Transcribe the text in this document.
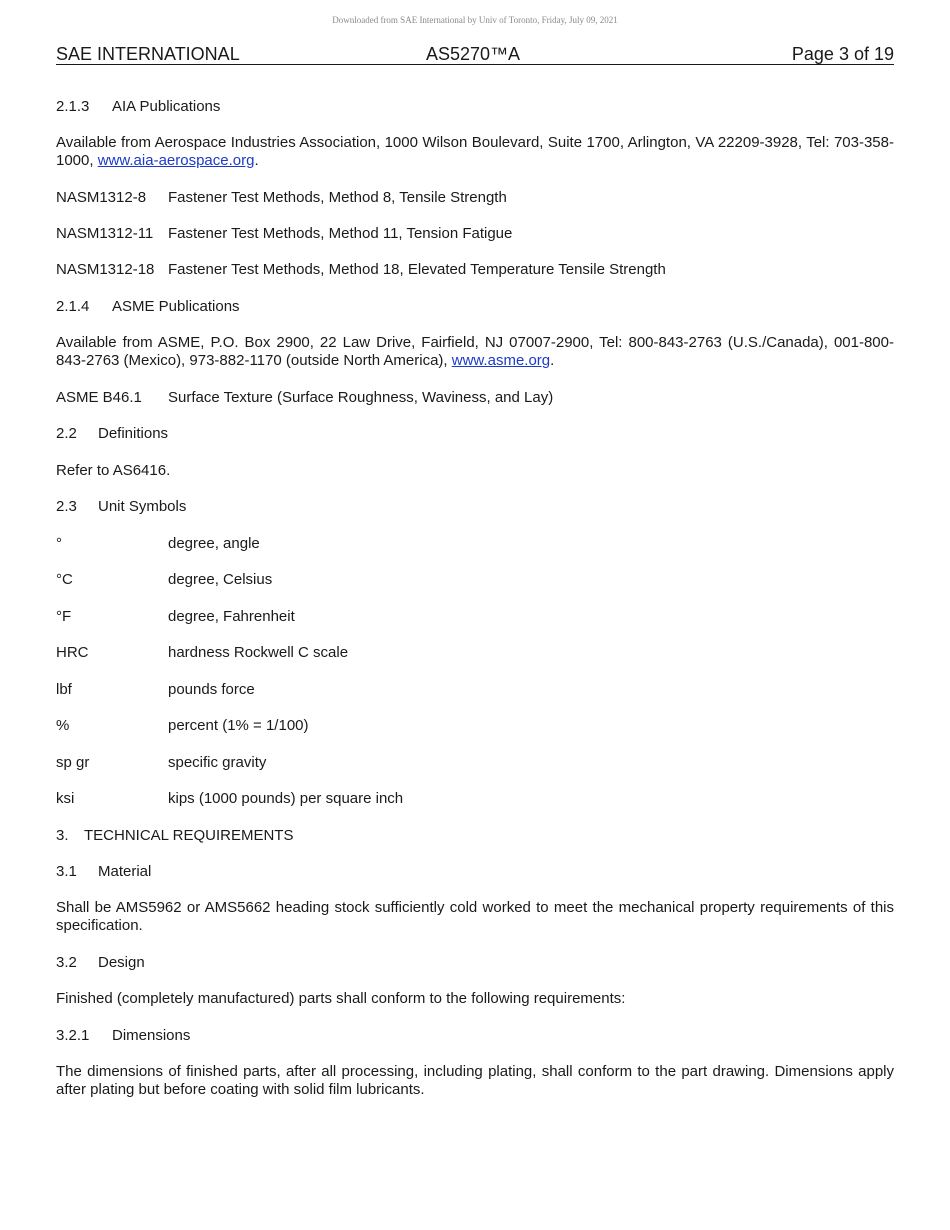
Downloaded from SAE International by Univ of Toronto, Friday, July 09, 2021
SAE INTERNATIONAL	AS5270™A	Page 3 of 19

2.1.3 AIA Publications

Available from Aerospace Industries Association, 1000 Wilson Boulevard, Suite 1700, Arlington, VA 22209-3928, Tel: 703-358-1000, www.aia-aerospace.org.

NASM1312-8 Fastener Test Methods, Method 8, Tensile Strength
NASM1312-11 Fastener Test Methods, Method 11, Tension Fatigue
NASM1312-18 Fastener Test Methods, Method 18, Elevated Temperature Tensile Strength

2.1.4 ASME Publications

Available from ASME, P.O. Box 2900, 22 Law Drive, Fairfield, NJ 07007-2900, Tel: 800-843-2763 (U.S./Canada), 001-800-843-2763 (Mexico), 973-882-1170 (outside North America), www.asme.org.

ASME B46.1 Surface Texture (Surface Roughness, Waviness, and Lay)

2.2 Definitions

Refer to AS6416.

2.3 Unit Symbols

°	degree, angle
°C	degree, Celsius
°F	degree, Fahrenheit
HRC	hardness Rockwell C scale
lbf	pounds force
%	percent (1% = 1/100)
sp gr	specific gravity
ksi	kips (1000 pounds) per square inch

3. TECHNICAL REQUIREMENTS

3.1 Material

Shall be AMS5962 or AMS5662 heading stock sufficiently cold worked to meet the mechanical property requirements of this specification.

3.2 Design

Finished (completely manufactured) parts shall conform to the following requirements:

3.2.1 Dimensions

The dimensions of finished parts, after all processing, including plating, shall conform to the part drawing. Dimensions apply after plating but before coating with solid film lubricants.
